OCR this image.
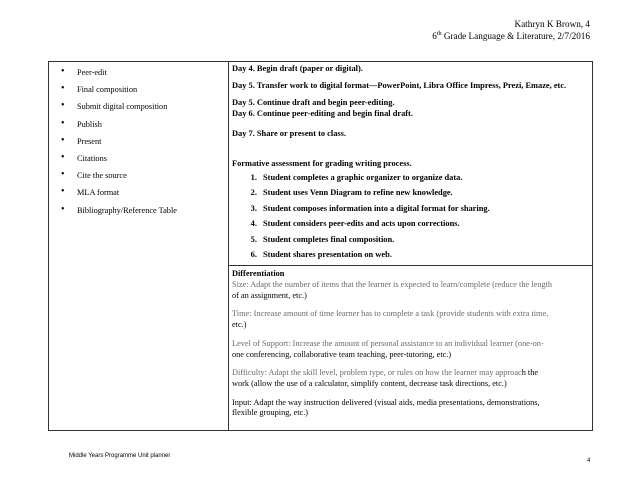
Kathryn K Brown, 4
6th Grade Language & Literature, 2/7/2016
• Peer-edit
• Final composition
• Submit digital composition
• Publish
• Present
• Citations
• Cite the source
• MLA format
• Bibliography/Reference Table

Day 4. Begin draft (paper or digital).
Day 5. Transfer work to digital format—PowerPoint, Libra Office Impress, Prezi, Emaze, etc.
Day 5. Continue draft and begin peer-editing.
Day 6. Continue peer-editing and begin final draft.
Day 7. Share or present to class.
Formative assessment for grading writing process.
1. Student completes a graphic organizer to organize data.
2. Student uses Venn Diagram to refine new knowledge.
3. Student composes information into a digital format for sharing.
4. Student considers peer-edits and acts upon corrections.
5. Student completes final composition.
6. Student shares presentation on web.

Differentiation

Size: Adapt the number of items that the learner is expected to learn/complete (reduce the length
of an assignment, etc.)

Time: Increase amount of time learner has to complete a task (provide students with extra time,
etc.)

Level of Support: Increase the amount of personal assistance to an individual learner (one-on-
one conferencing, collaborative team teaching, peer-tutoring, etc.)

Difficulty: Adapt the skill level, problem type, or rules on how the learner may approach the
work (allow the use of a calculator, simplify content, decrease task directions, etc.)

Input: Adapt the way instruction delivered (visual aids, media presentations, demonstrations,
flexible grouping, etc.)

Middle Years Programme Unit planner
4
